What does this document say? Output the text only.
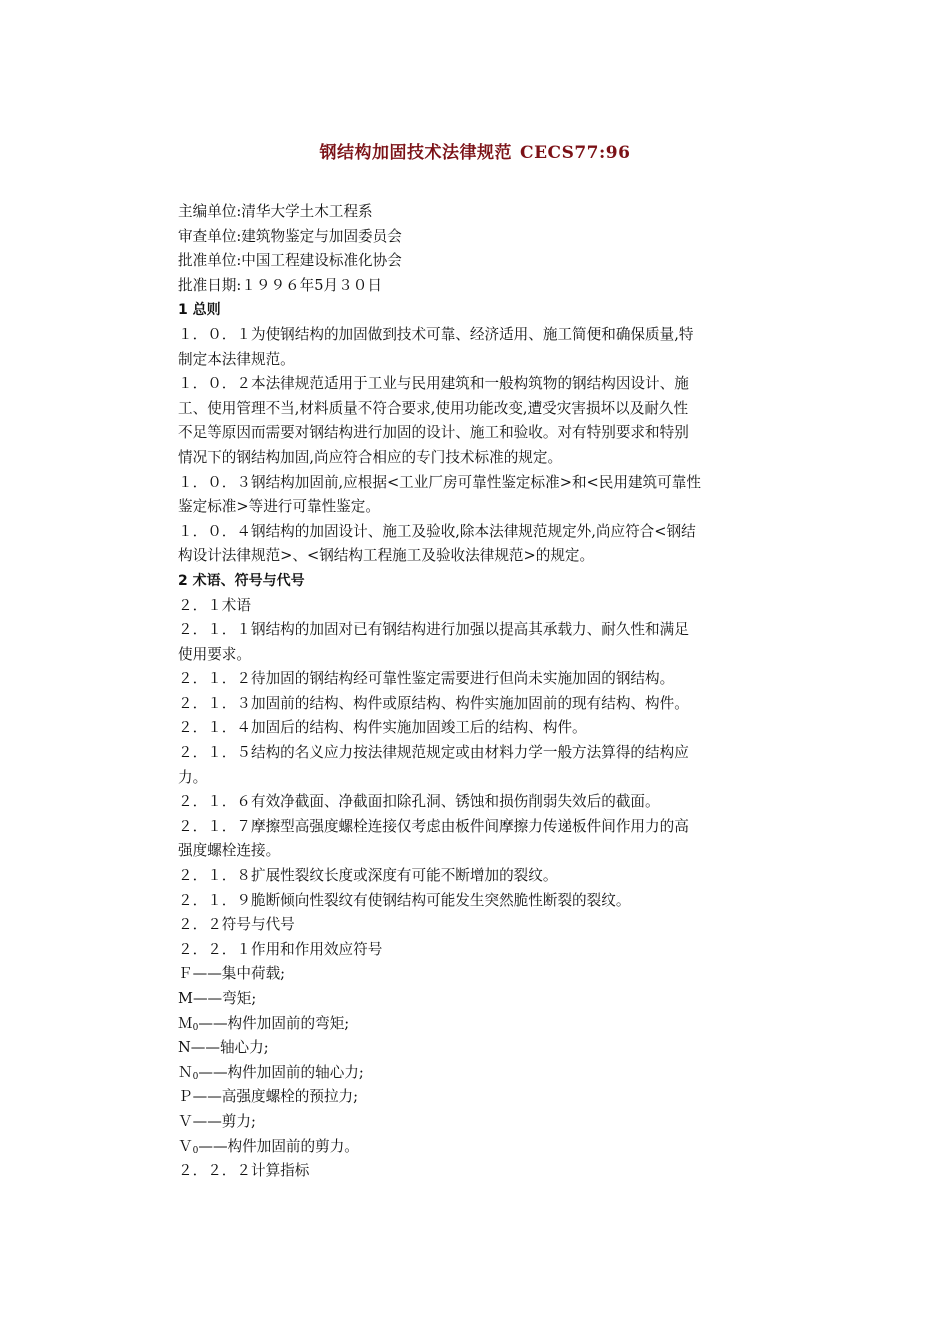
钢结构加固技术法律规范 CECS77:96
主编单位:清华大学土木工程系
审查单位:建筑物鉴定与加固委员会
批准单位:中国工程建设标准化协会
批准日期:１９９６年5月３０日
1 总则
１．０．１为使钢结构的加固做到技术可靠、经济适用、施工简便和确保质量,特
制定本法律规范。
１．０．２本法律规范适用于工业与民用建筑和一般构筑物的钢结构因设计、施
工、使用管理不当,材料质量不符合要求,使用功能改变,遭受灾害损坏以及耐久性
不足等原因而需要对钢结构进行加固的设计、施工和验收。对有特别要求和特别
情况下的钢结构加固,尚应符合相应的专门技术标准的规定。
１．０．３钢结构加固前,应根据<工业厂房可靠性鉴定标准>和<民用建筑可靠性
鉴定标准>等进行可靠性鉴定。
１．０．４钢结构的加固设计、施工及验收,除本法律规范规定外,尚应符合<钢结
构设计法律规范>、<钢结构工程施工及验收法律规范>的规定。
2 术语、符号与代号
２．１术语
２．１．１钢结构的加固对已有钢结构进行加强以提高其承载力、耐久性和满足
使用要求。
２．１．２待加固的钢结构经可靠性鉴定需要进行但尚未实施加固的钢结构。
２．１．３加固前的结构、构件或原结构、构件实施加固前的现有结构、构件。
２．１．４加固后的结构、构件实施加固竣工后的结构、构件。
２．１．５结构的名义应力按法律规范规定或由材料力学一般方法算得的结构应
力。
２．１．６有效净截面、净截面扣除孔洞、锈蚀和损伤削弱失效后的截面。
２．１．７摩擦型高强度螺栓连接仅考虑由板件间摩擦力传递板件间作用力的高
强度螺栓连接。
２．１．８扩展性裂纹长度或深度有可能不断增加的裂纹。
２．１．９脆断倾向性裂纹有使钢结构可能发生突然脆性断裂的裂纹。
２．２符号与代号
２．２．１作用和作用效应符号
Ｆ——集中荷载;
M——弯矩;
Ｍ$_0$——构件加固前的弯矩;
N——轴心力;
Ｎ$_0$——构件加固前的轴心力;
Ｐ——高强度螺栓的预拉力;
Ｖ——剪力;
Ｖ$_0$——构件加固前的剪力。
２．２．２计算指标
